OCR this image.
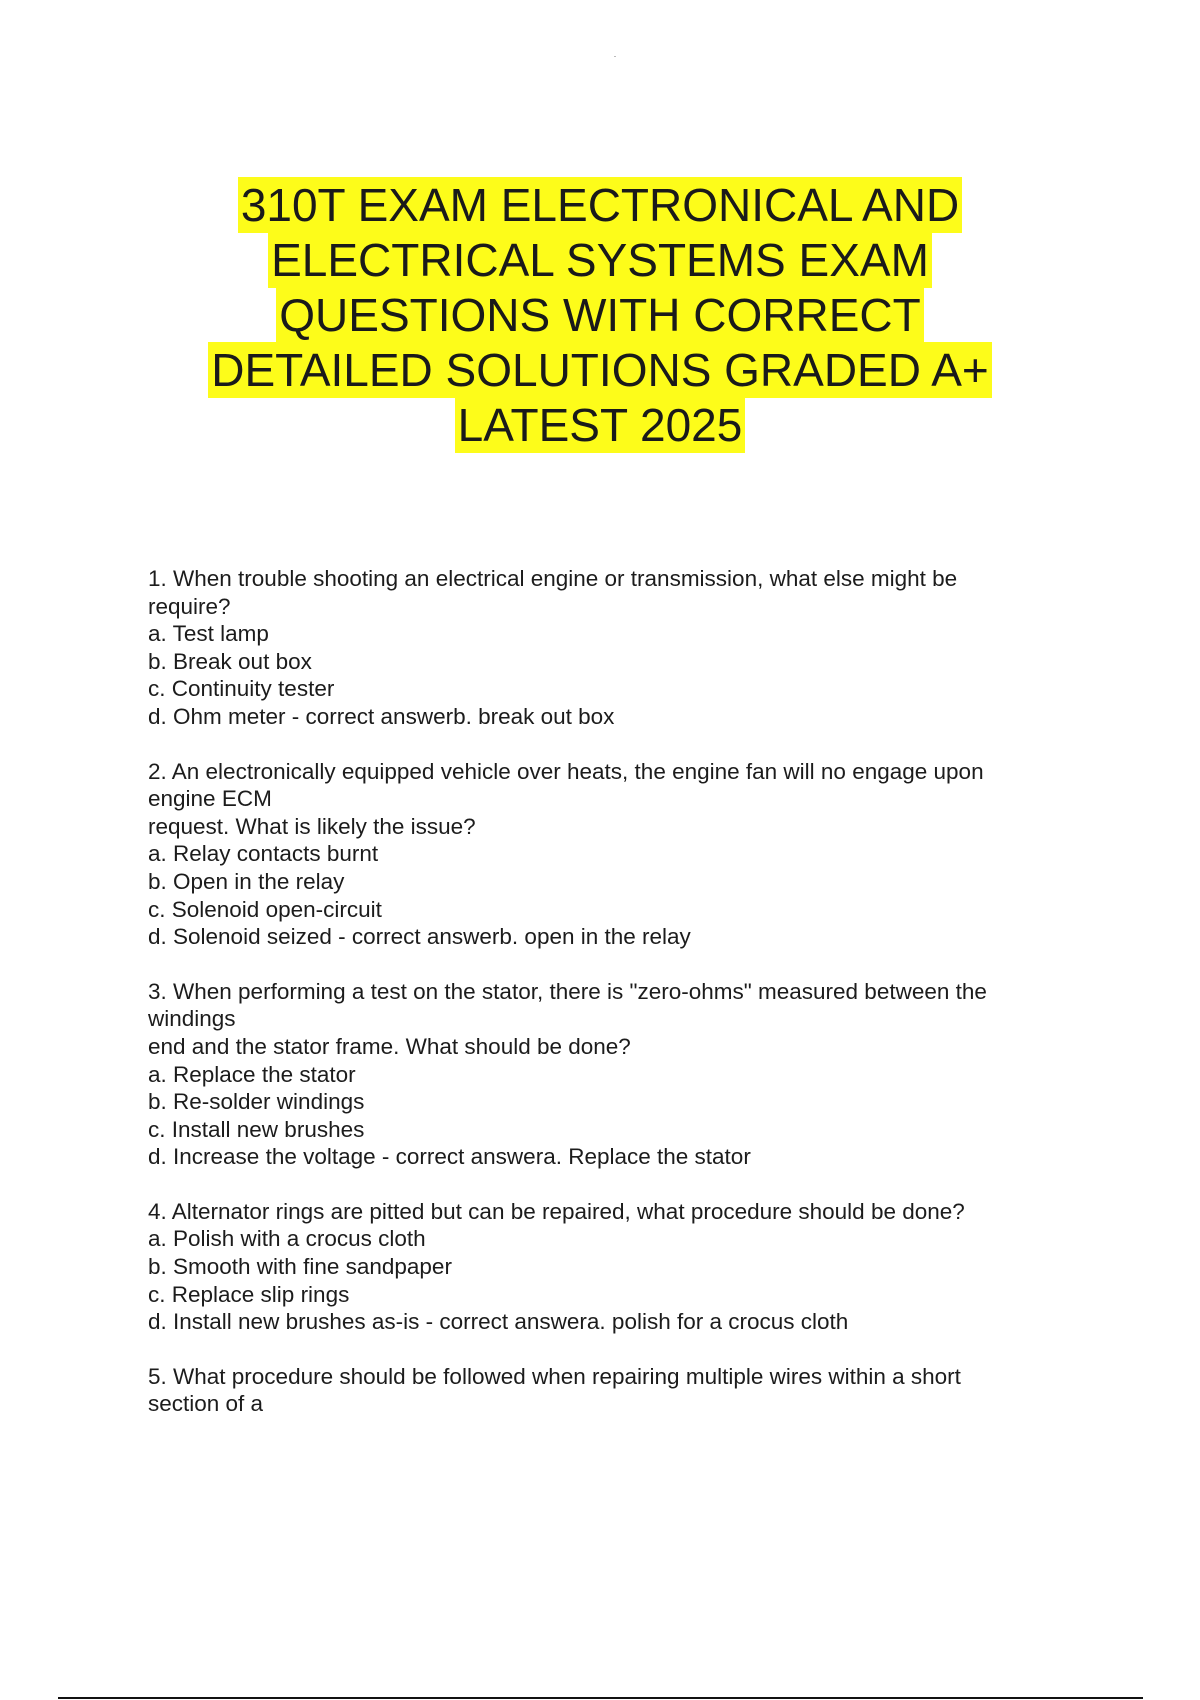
310T EXAM ELECTRONICAL AND
ELECTRICAL SYSTEMS EXAM
QUESTIONS WITH CORRECT
DETAILED SOLUTIONS GRADED A+
LATEST 2025
1. When trouble shooting an electrical engine or transmission, what else might be
require?
a. Test lamp
b. Break out box
c. Continuity tester
d. Ohm meter - correct answerb. break out box
2. An electronically equipped vehicle over heats, the engine fan will no engage upon
engine ECM
request. What is likely the issue?
a. Relay contacts burnt
b. Open in the relay
c. Solenoid open-circuit
d. Solenoid seized - correct answerb. open in the relay
3. When performing a test on the stator, there is "zero-ohms" measured between the
windings
end and the stator frame. What should be done?
a. Replace the stator
b. Re-solder windings
c. Install new brushes
d. Increase the voltage - correct answera. Replace the stator
4. Alternator rings are pitted but can be repaired, what procedure should be done?
a. Polish with a crocus cloth
b. Smooth with fine sandpaper
c. Replace slip rings
d. Install new brushes as-is - correct answera. polish for a crocus cloth
5. What procedure should be followed when repairing multiple wires within a short
section of a
